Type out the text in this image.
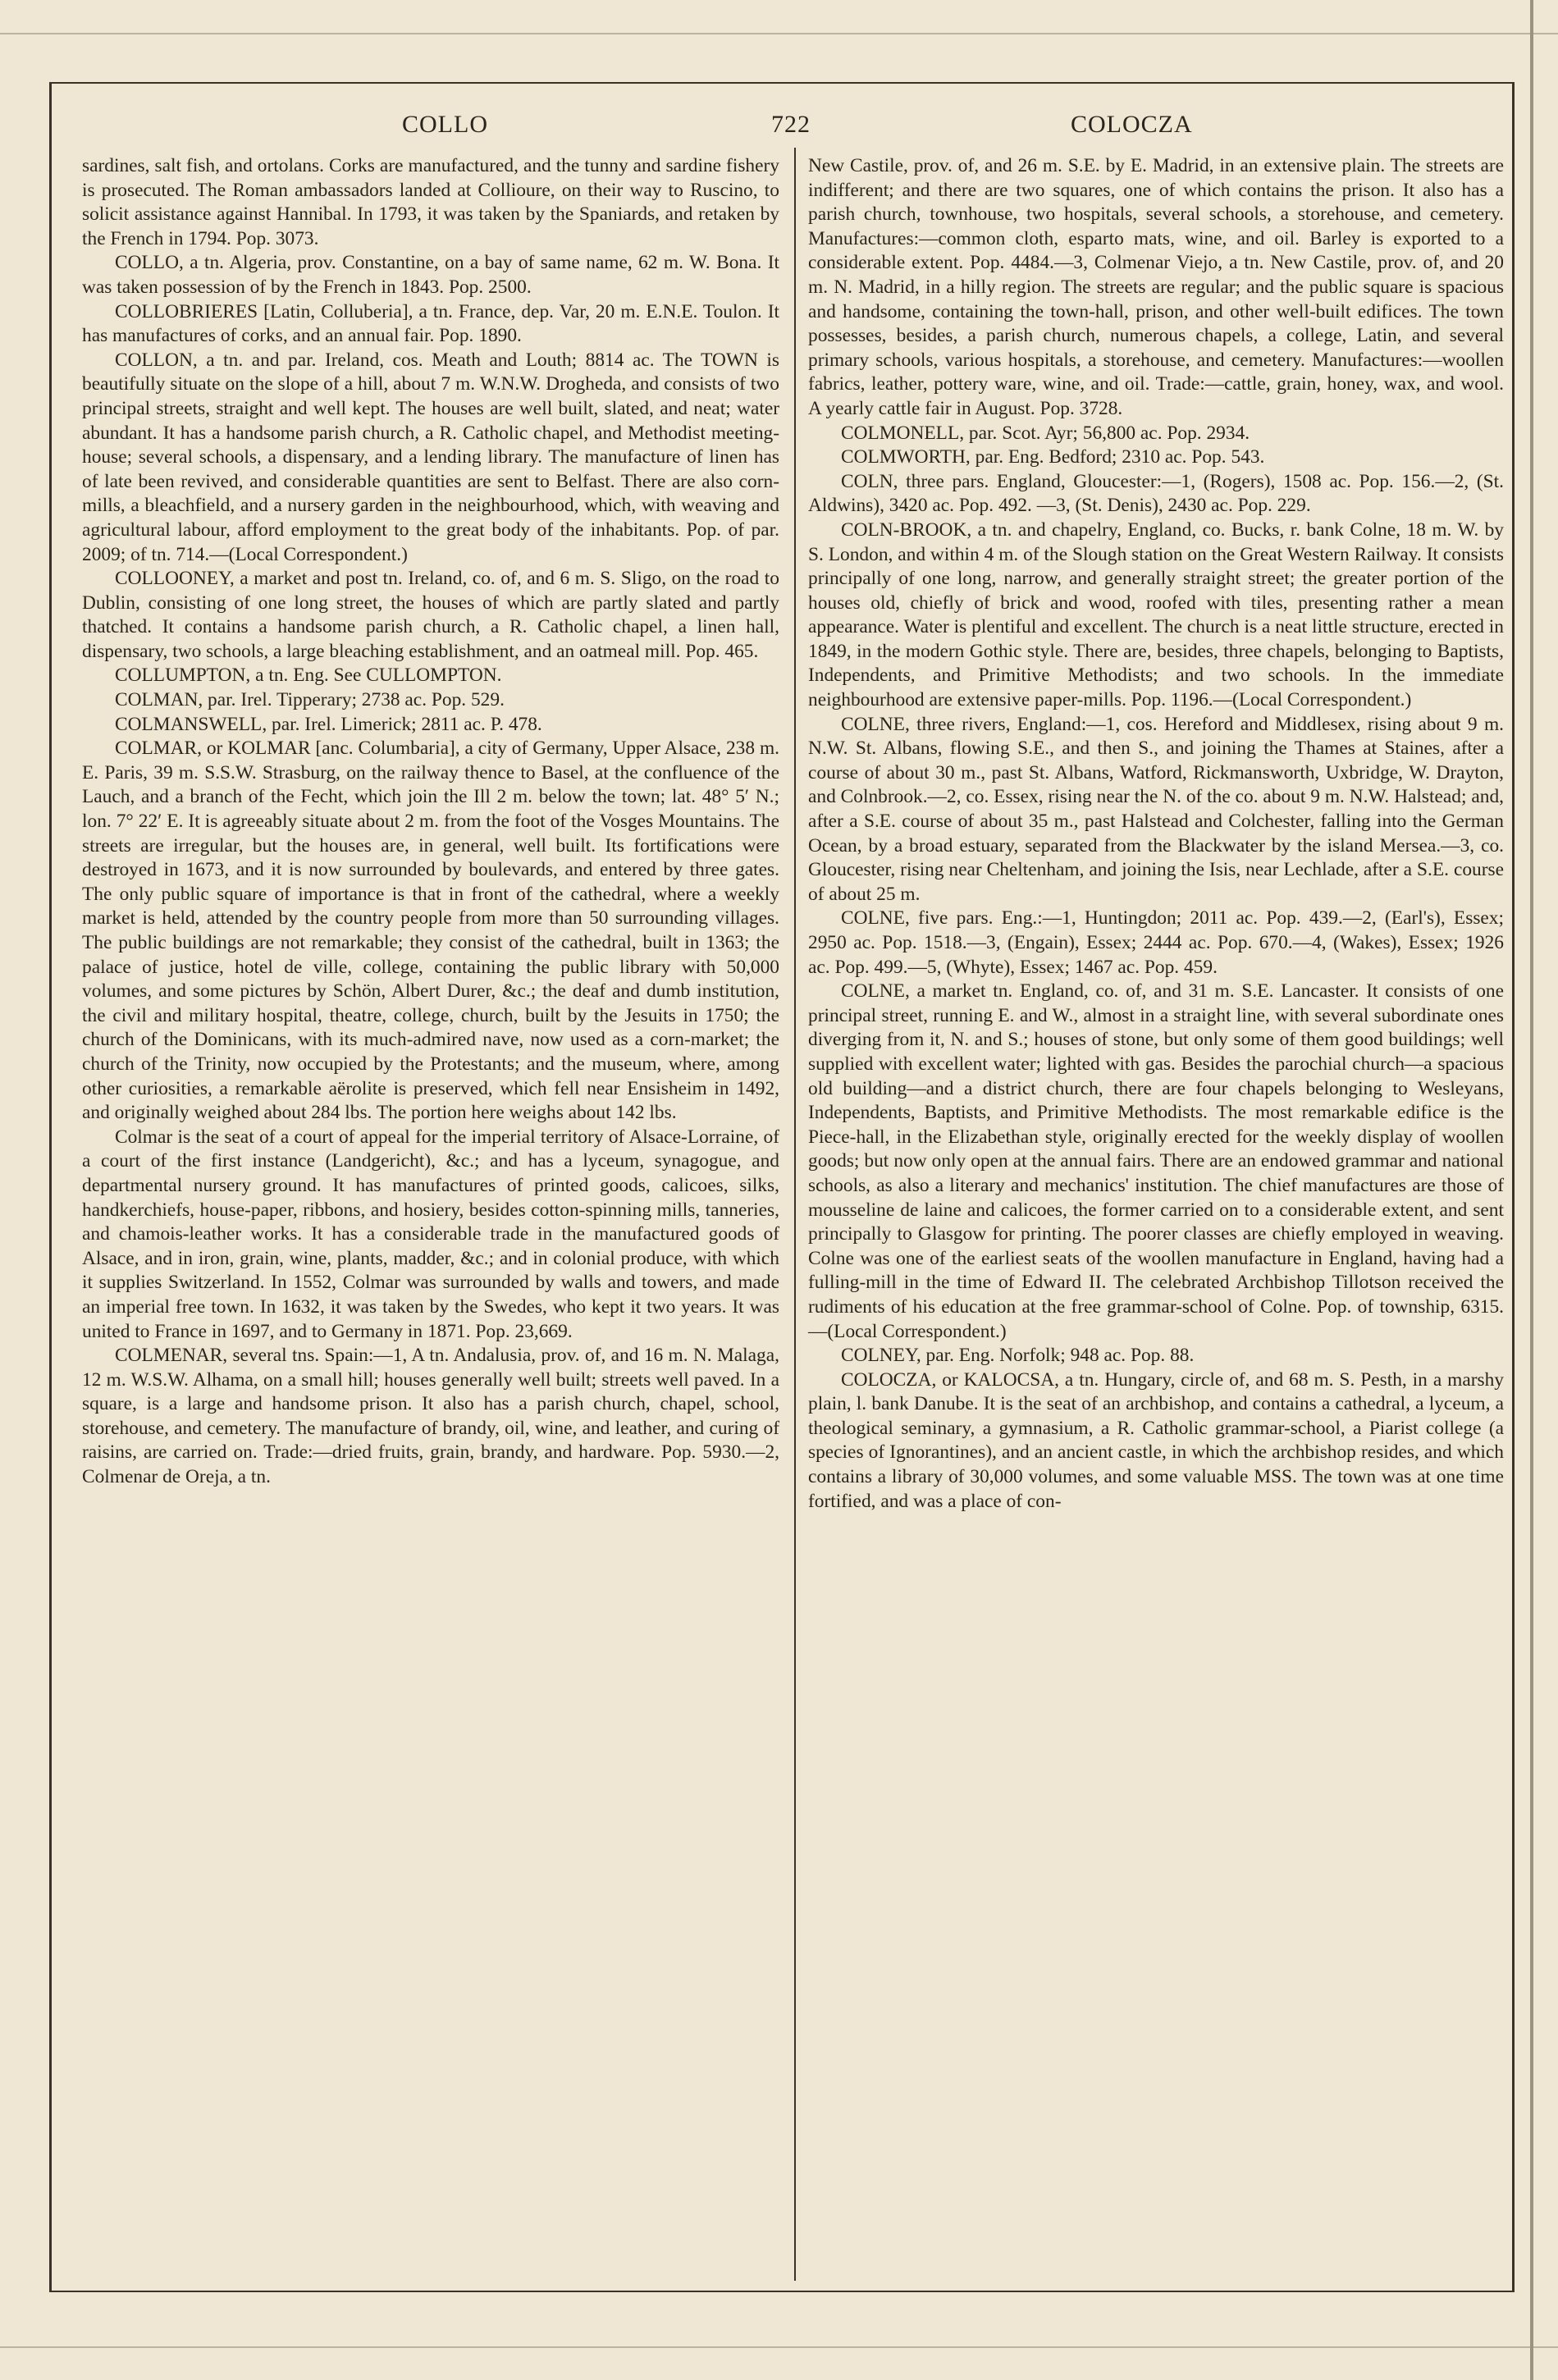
COLLO	722	COLOCZA

sardines, salt fish, and ortolans. Corks are manufactured, and the tunny and sardine fishery is prosecuted. The Roman ambassadors landed at Collioure, on their way to Ruscino, to solicit assistance against Hannibal. In 1793, it was taken by the Spaniards, and retaken by the French in 1794. Pop. 3073.

COLLO, a tn. Algeria, prov. Constantine, on a bay of same name, 62 m. W. Bona. It was taken possession of by the French in 1843. Pop. 2500.

COLLOBRIERES [Latin, Colluberia], a tn. France, dep. Var, 20 m. E.N.E. Toulon. It has manufactures of corks, and an annual fair. Pop. 1890.

COLLON, a tn. and par. Ireland, cos. Meath and Louth; 8814 ac. The TOWN is beautifully situate on the slope of a hill, about 7 m. W.N.W. Drogheda, and consists of two principal streets, straight and well kept. The houses are well built, slated, and neat; water abundant. It has a handsome parish church, a R. Catholic chapel, and Methodist meeting-house; several schools, a dispensary, and a lending library. The manufacture of linen has of late been revived, and considerable quantities are sent to Belfast. There are also corn-mills, a bleachfield, and a nursery garden in the neighbourhood, which, with weaving and agricultural labour, afford employment to the great body of the inhabitants. Pop. of par. 2009; of tn. 714.—(Local Correspondent.)

COLLOONEY, a market and post tn. Ireland, co. of, and 6 m. S. Sligo, on the road to Dublin, consisting of one long street, the houses of which are partly slated and partly thatched. It contains a handsome parish church, a R. Catholic chapel, a linen hall, dispensary, two schools, a large bleaching establishment, and an oatmeal mill. Pop. 465.

COLLUMPTON, a tn. Eng. See CULLOMPTON.

COLMAN, par. Irel. Tipperary; 2738 ac. Pop. 529.

COLMANSWELL, par. Irel. Limerick; 2811 ac. P. 478.

COLMAR, or KOLMAR [anc. Columbaria], a city of Germany, Upper Alsace, 238 m. E. Paris, 39 m. S.S.W. Strasburg, on the railway thence to Basel, at the confluence of the Lauch, and a branch of the Fecht, which join the Ill 2 m. below the town; lat. 48° 5′ N.; lon. 7° 22′ E. It is agreeably situate about 2 m. from the foot of the Vosges Mountains. The streets are irregular, but the houses are, in general, well built. Its fortifications were destroyed in 1673, and it is now surrounded by boulevards, and entered by three gates. The only public square of importance is that in front of the cathedral, where a weekly market is held, attended by the country people from more than 50 surrounding villages. The public buildings are not remarkable; they consist of the cathedral, built in 1363; the palace of justice, hotel de ville, college, containing the public library with 50,000 volumes, and some pictures by Schön, Albert Durer, &c.; the deaf and dumb institution, the civil and military hospital, theatre, college, church, built by the Jesuits in 1750; the church of the Dominicans, with its much-admired nave, now used as a corn-market; the church of the Trinity, now occupied by the Protestants; and the museum, where, among other curiosities, a remarkable aërolite is preserved, which fell near Ensisheim in 1492, and originally weighed about 284 lbs. The portion here weighs about 142 lbs.

Colmar is the seat of a court of appeal for the imperial territory of Alsace-Lorraine, of a court of the first instance (Landgericht), &c.; and has a lyceum, synagogue, and departmental nursery ground. It has manufactures of printed goods, calicoes, silks, handkerchiefs, house-paper, ribbons, and hosiery, besides cotton-spinning mills, tanneries, and chamois-leather works. It has a considerable trade in the manufactured goods of Alsace, and in iron, grain, wine, plants, madder, &c.; and in colonial produce, with which it supplies Switzerland. In 1552, Colmar was surrounded by walls and towers, and made an imperial free town. In 1632, it was taken by the Swedes, who kept it two years. It was united to France in 1697, and to Germany in 1871. Pop. 23,669.

COLMENAR, several tns. Spain:—1, A tn. Andalusia, prov. of, and 16 m. N. Malaga, 12 m. W.S.W. Alhama, on a small hill; houses generally well built; streets well paved. In a square, is a large and handsome prison. It also has a parish church, chapel, school, storehouse, and cemetery. The manufacture of brandy, oil, wine, and leather, and curing of raisins, are carried on. Trade:—dried fruits, grain, brandy, and hardware. Pop. 5930.—2, Colmenar de Oreja, a tn.

New Castile, prov. of, and 26 m. S.E. by E. Madrid, in an extensive plain. The streets are indifferent; and there are two squares, one of which contains the prison. It also has a parish church, townhouse, two hospitals, several schools, a storehouse, and cemetery. Manufactures:—common cloth, esparto mats, wine, and oil. Barley is exported to a considerable extent. Pop. 4484.—3, Colmenar Viejo, a tn. New Castile, prov. of, and 20 m. N. Madrid, in a hilly region. The streets are regular; and the public square is spacious and handsome, containing the town-hall, prison, and other well-built edifices. The town possesses, besides, a parish church, numerous chapels, a college, Latin, and several primary schools, various hospitals, a storehouse, and cemetery. Manufactures:—woollen fabrics, leather, pottery ware, wine, and oil. Trade:—cattle, grain, honey, wax, and wool. A yearly cattle fair in August. Pop. 3728.

COLMONELL, par. Scot. Ayr; 56,800 ac. Pop. 2934.

COLMWORTH, par. Eng. Bedford; 2310 ac. Pop. 543.

COLN, three pars. England, Gloucester:—1, (Rogers), 1508 ac. Pop. 156.—2, (St. Aldwins), 3420 ac. Pop. 492. —3, (St. Denis), 2430 ac. Pop. 229.

COLN-BROOK, a tn. and chapelry, England, co. Bucks, r. bank Colne, 18 m. W. by S. London, and within 4 m. of the Slough station on the Great Western Railway. It consists principally of one long, narrow, and generally straight street; the greater portion of the houses old, chiefly of brick and wood, roofed with tiles, presenting rather a mean appearance. Water is plentiful and excellent. The church is a neat little structure, erected in 1849, in the modern Gothic style. There are, besides, three chapels, belonging to Baptists, Independents, and Primitive Methodists; and two schools. In the immediate neighbourhood are extensive paper-mills. Pop. 1196.—(Local Correspondent.)

COLNE, three rivers, England:—1, cos. Hereford and Middlesex, rising about 9 m. N.W. St. Albans, flowing S.E., and then S., and joining the Thames at Staines, after a course of about 30 m., past St. Albans, Watford, Rickmansworth, Uxbridge, W. Drayton, and Colnbrook.—2, co. Essex, rising near the N. of the co. about 9 m. N.W. Halstead; and, after a S.E. course of about 35 m., past Halstead and Colchester, falling into the German Ocean, by a broad estuary, separated from the Blackwater by the island Mersea.—3, co. Gloucester, rising near Cheltenham, and joining the Isis, near Lechlade, after a S.E. course of about 25 m.

COLNE, five pars. Eng.:—1, Huntingdon; 2011 ac. Pop. 439.—2, (Earl's), Essex; 2950 ac. Pop. 1518.—3, (Engain), Essex; 2444 ac. Pop. 670.—4, (Wakes), Essex; 1926 ac. Pop. 499.—5, (Whyte), Essex; 1467 ac. Pop. 459.

COLNE, a market tn. England, co. of, and 31 m. S.E. Lancaster. It consists of one principal street, running E. and W., almost in a straight line, with several subordinate ones diverging from it, N. and S.; houses of stone, but only some of them good buildings; well supplied with excellent water; lighted with gas. Besides the parochial church—a spacious old building—and a district church, there are four chapels belonging to Wesleyans, Independents, Baptists, and Primitive Methodists. The most remarkable edifice is the Piece-hall, in the Elizabethan style, originally erected for the weekly display of woollen goods; but now only open at the annual fairs. There are an endowed grammar and national schools, as also a literary and mechanics' institution. The chief manufactures are those of mousseline de laine and calicoes, the former carried on to a considerable extent, and sent principally to Glasgow for printing. The poorer classes are chiefly employed in weaving. Colne was one of the earliest seats of the woollen manufacture in England, having had a fulling-mill in the time of Edward II. The celebrated Archbishop Tillotson received the rudiments of his education at the free grammar-school of Colne. Pop. of township, 6315.—(Local Correspondent.)

COLNEY, par. Eng. Norfolk; 948 ac. Pop. 88.

COLOCZA, or KALOCSA, a tn. Hungary, circle of, and 68 m. S. Pesth, in a marshy plain, l. bank Danube. It is the seat of an archbishop, and contains a cathedral, a lyceum, a theological seminary, a gymnasium, a R. Catholic grammar-school, a Piarist college (a species of Ignorantines), and an ancient castle, in which the archbishop resides, and which contains a library of 30,000 volumes, and some valuable MSS. The town was at one time fortified, and was a place of con-
